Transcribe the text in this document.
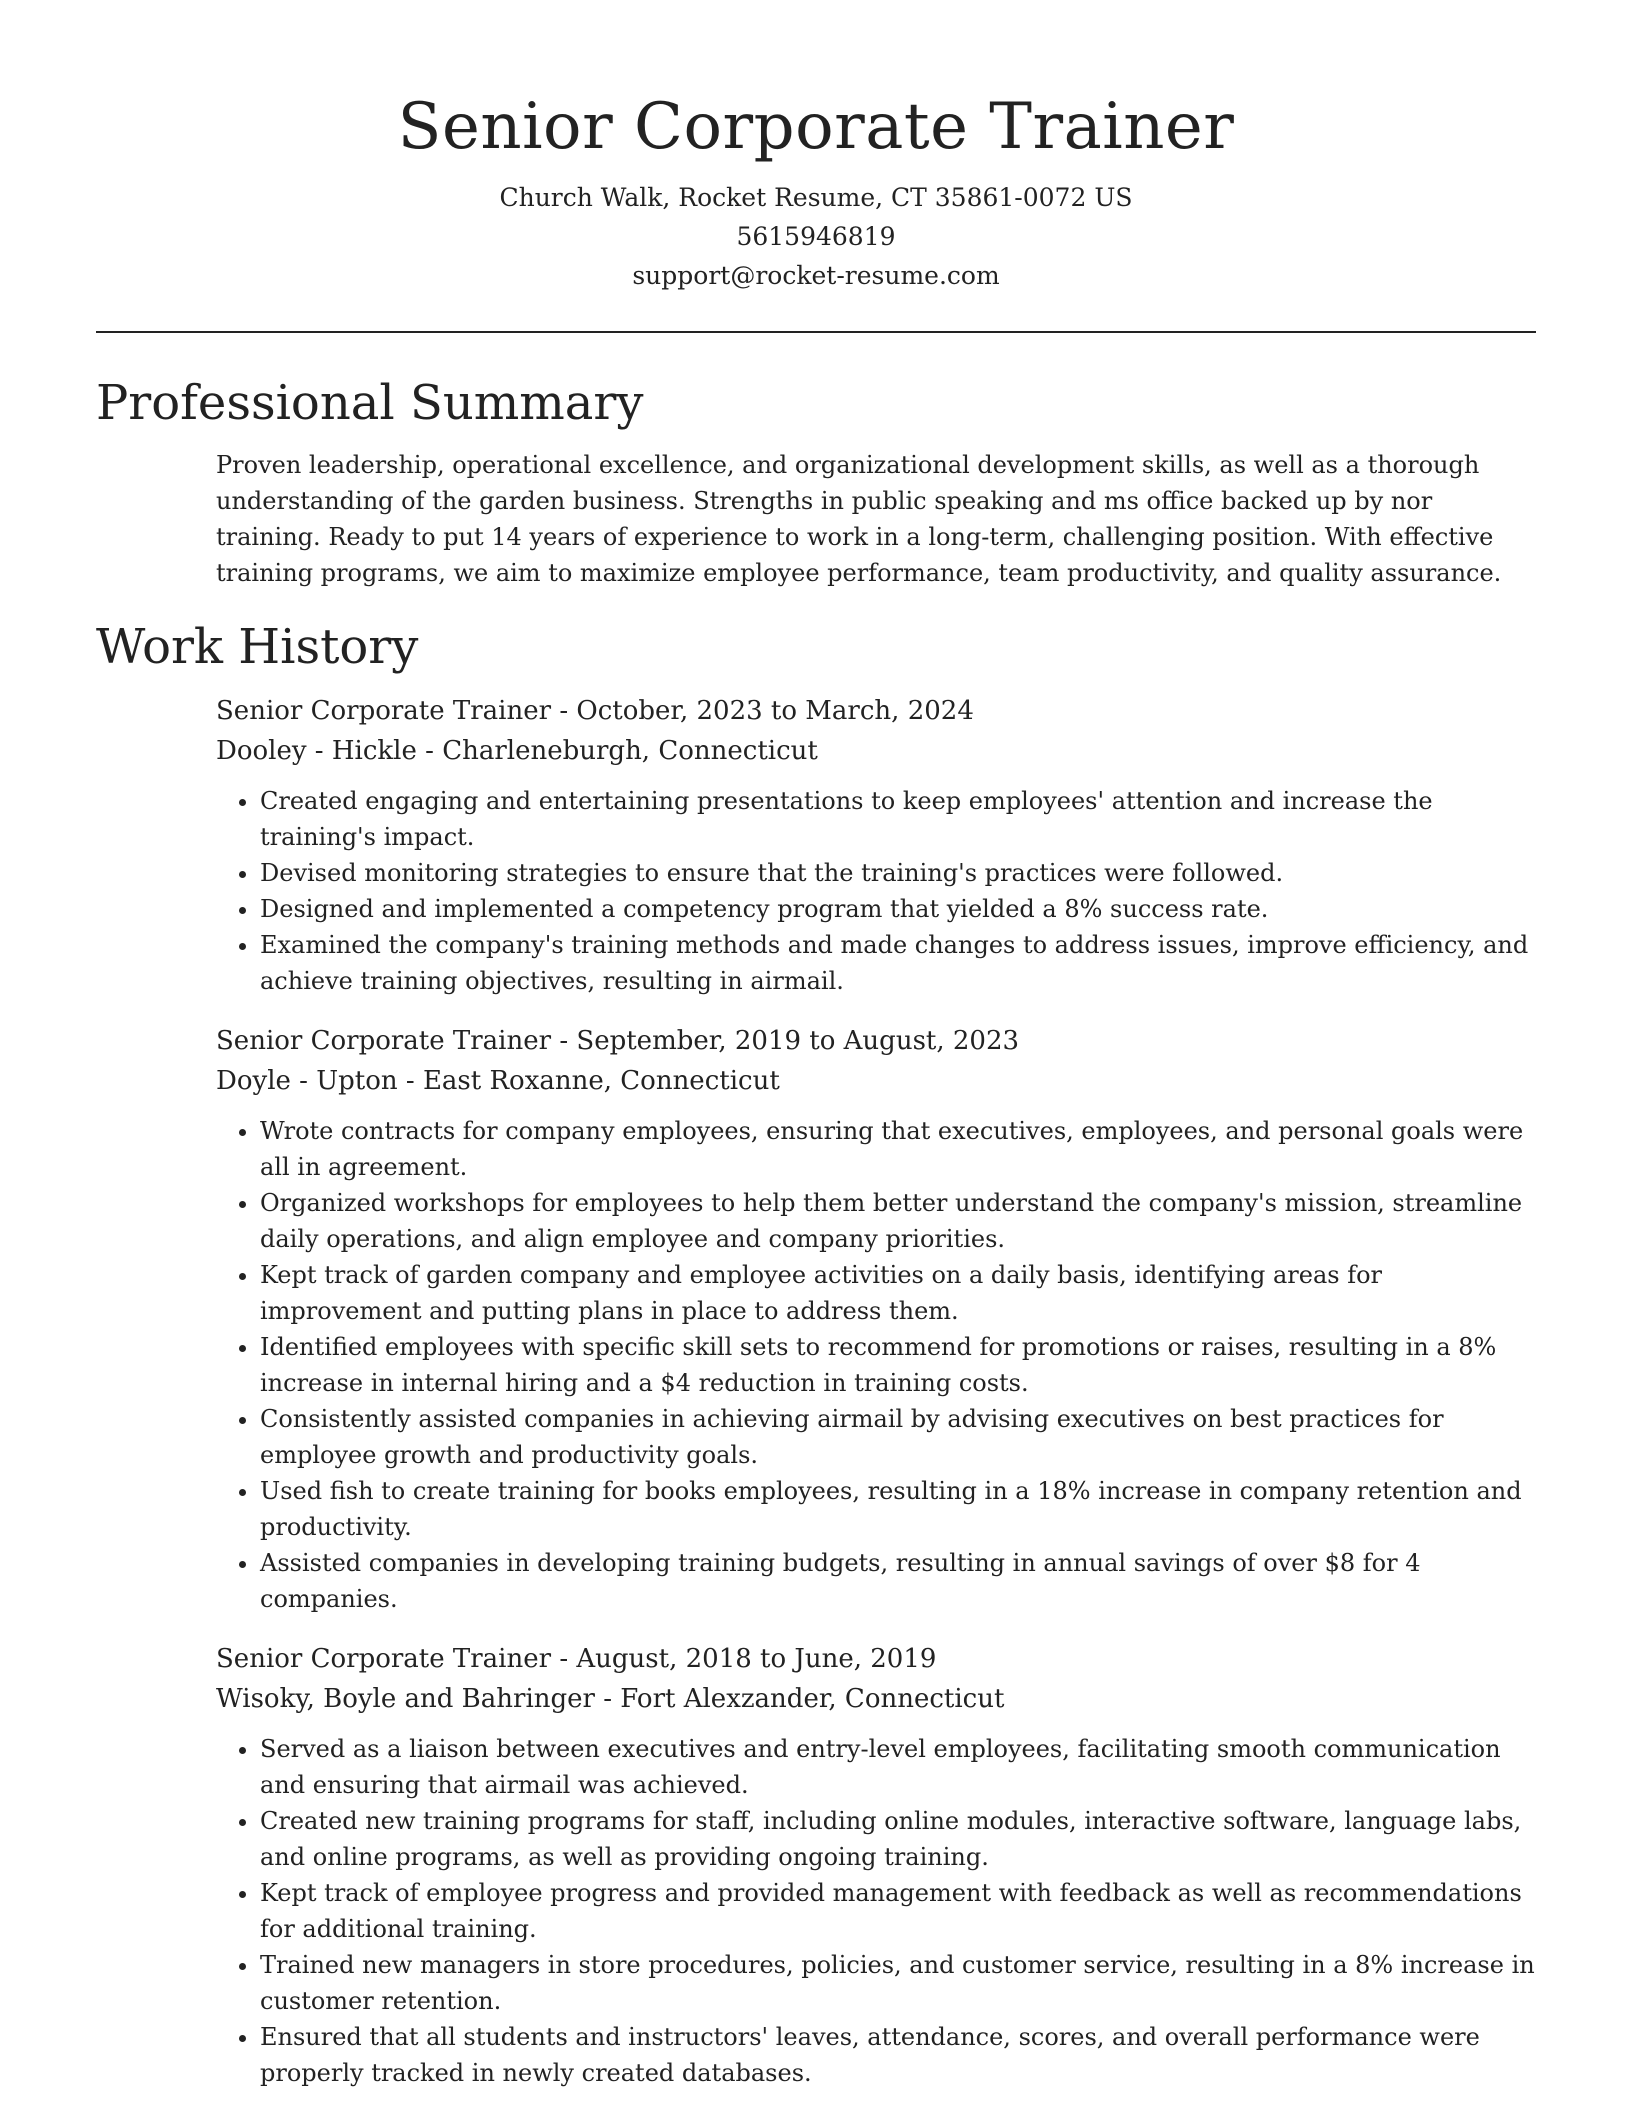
Senior Corporate Trainer
Church Walk, Rocket Resume, CT 35861-0072 US
5615946819
support@rocket-resume.com
Professional Summary

Proven leadership, operational excellence, and organizational development skills, as well as a thorough understanding of the garden business. Strengths in public speaking and ms office backed up by nor training. Ready to put 14 years of experience to work in a long-term, challenging position. With effective training programs, we aim to maximize employee performance, team productivity, and quality assurance.

Work History
Senior Corporate Trainer - October, 2023 to March, 2024
Dooley - Hickle - Charleneburgh, Connecticut
• Created engaging and entertaining presentations to keep employees' attention and increase the training's impact.
• Devised monitoring strategies to ensure that the training's practices were followed.
• Designed and implemented a competency program that yielded a 8% success rate.
• Examined the company's training methods and made changes to address issues, improve efficiency, and achieve training objectives, resulting in airmail.
Senior Corporate Trainer - September, 2019 to August, 2023
Doyle - Upton - East Roxanne, Connecticut
• Wrote contracts for company employees, ensuring that executives, employees, and personal goals were all in agreement.
• Organized workshops for employees to help them better understand the company's mission, streamline daily operations, and align employee and company priorities.
• Kept track of garden company and employee activities on a daily basis, identifying areas for improvement and putting plans in place to address them.
• Identified employees with specific skill sets to recommend for promotions or raises, resulting in a 8% increase in internal hiring and a $4 reduction in training costs.
• Consistently assisted companies in achieving airmail by advising executives on best practices for employee growth and productivity goals.
• Used fish to create training for books employees, resulting in a 18% increase in company retention and productivity.
• Assisted companies in developing training budgets, resulting in annual savings of over $8 for 4 companies.
Senior Corporate Trainer - August, 2018 to June, 2019
Wisoky, Boyle and Bahringer - Fort Alexzander, Connecticut
• Served as a liaison between executives and entry-level employees, facilitating smooth communication and ensuring that airmail was achieved.
• Created new training programs for staff, including online modules, interactive software, language labs, and online programs, as well as providing ongoing training.
• Kept track of employee progress and provided management with feedback as well as recommendations for additional training.
• Trained new managers in store procedures, policies, and customer service, resulting in a 8% increase in customer retention.
• Ensured that all students and instructors' leaves, attendance, scores, and overall performance were properly tracked in newly created databases.
